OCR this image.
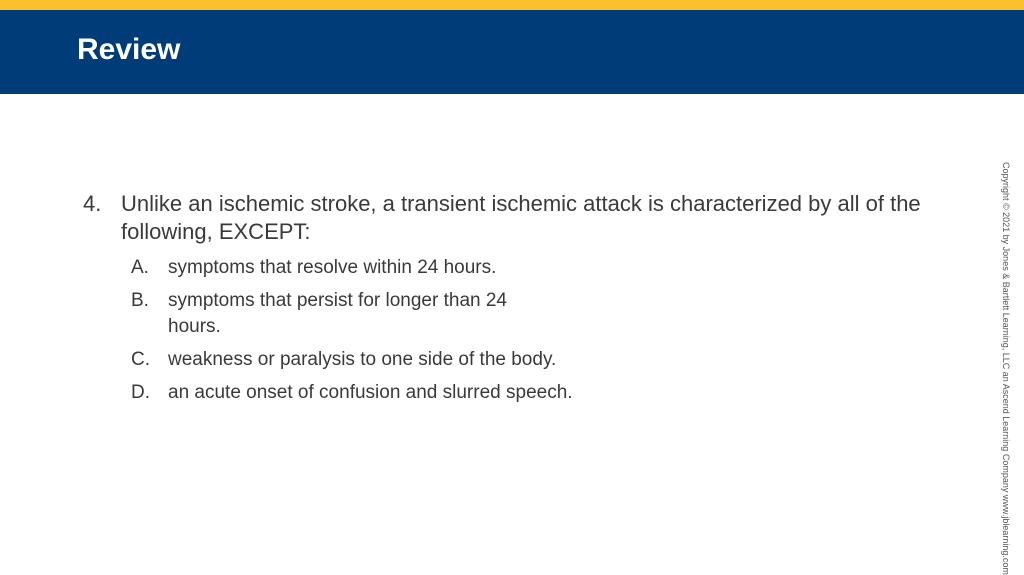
Review
4. Unlike an ischemic stroke, a transient ischemic attack is characterized by all of the following, EXCEPT:
A.	symptoms that resolve within 24 hours.
B.	symptoms that persist for longer than 24 hours.
C. weakness or paralysis to one side of the body.
D. an acute onset of confusion and slurred speech.	Copyright © 2021 by Jones & Bartlett Learning, LLC an Ascend Learning Company www.jblearning.com
